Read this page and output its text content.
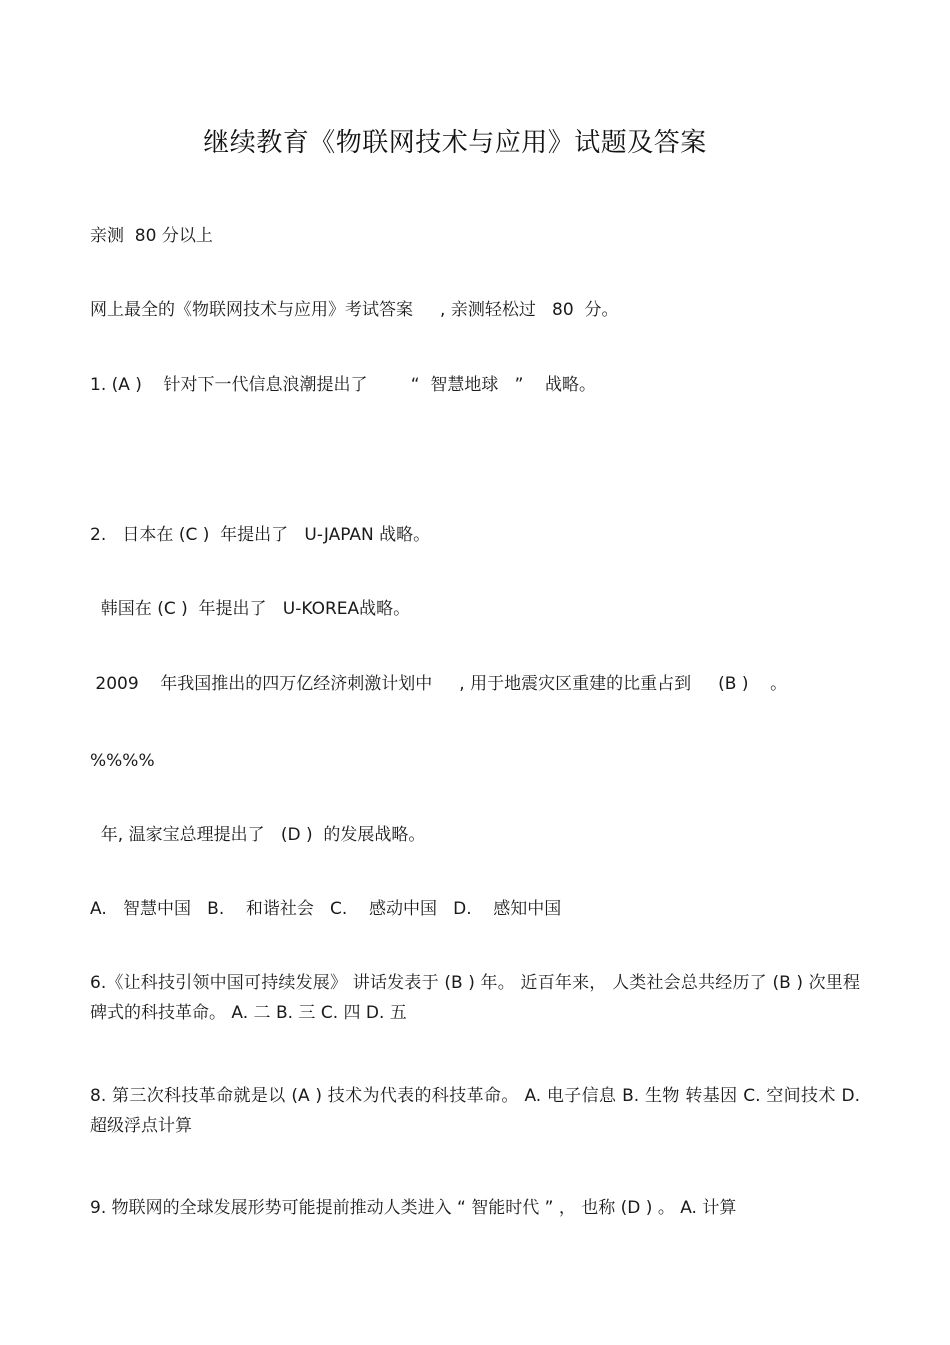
继续教育《物联网技术与应用》试题及答案
亲测  80 分以上
网上最全的《物联网技术与应用》考试答案     , 亲测轻松过   80  分。
1. (A )    针对下一代信息浪潮提出了        “  智慧地球   ”    战略。
2.   日本在 (C )  年提出了   U-JAPAN 战略。
韩国在 (C )  年提出了   U-KOREA战略。
2009    年我国推出的四万亿经济刺激计划中     , 用于地震灾区重建的比重占到     (B )    。
%%%%
年, 温家宝总理提出了   (D )  的发展战略。
A.   智慧中国   B.    和谐社会   C.    感动中国   D.    感知中国
6.《让科技引领中国可持续发展》 讲话发表于 (B ) 年。 近百年来， 人类社会总共经历了 (B ) 次里程碑式的科技革命。 A. 二 B. 三 C. 四 D. 五
8. 第三次科技革命就是以 (A ) 技术为代表的科技革命。 A. 电子信息 B. 生物 转基因 C. 空间技术 D. 超级浮点计算
9. 物联网的全球发展形势可能提前推动人类进入 “ 智能时代 ” ， 也称 (D ) 。 A. 计算
